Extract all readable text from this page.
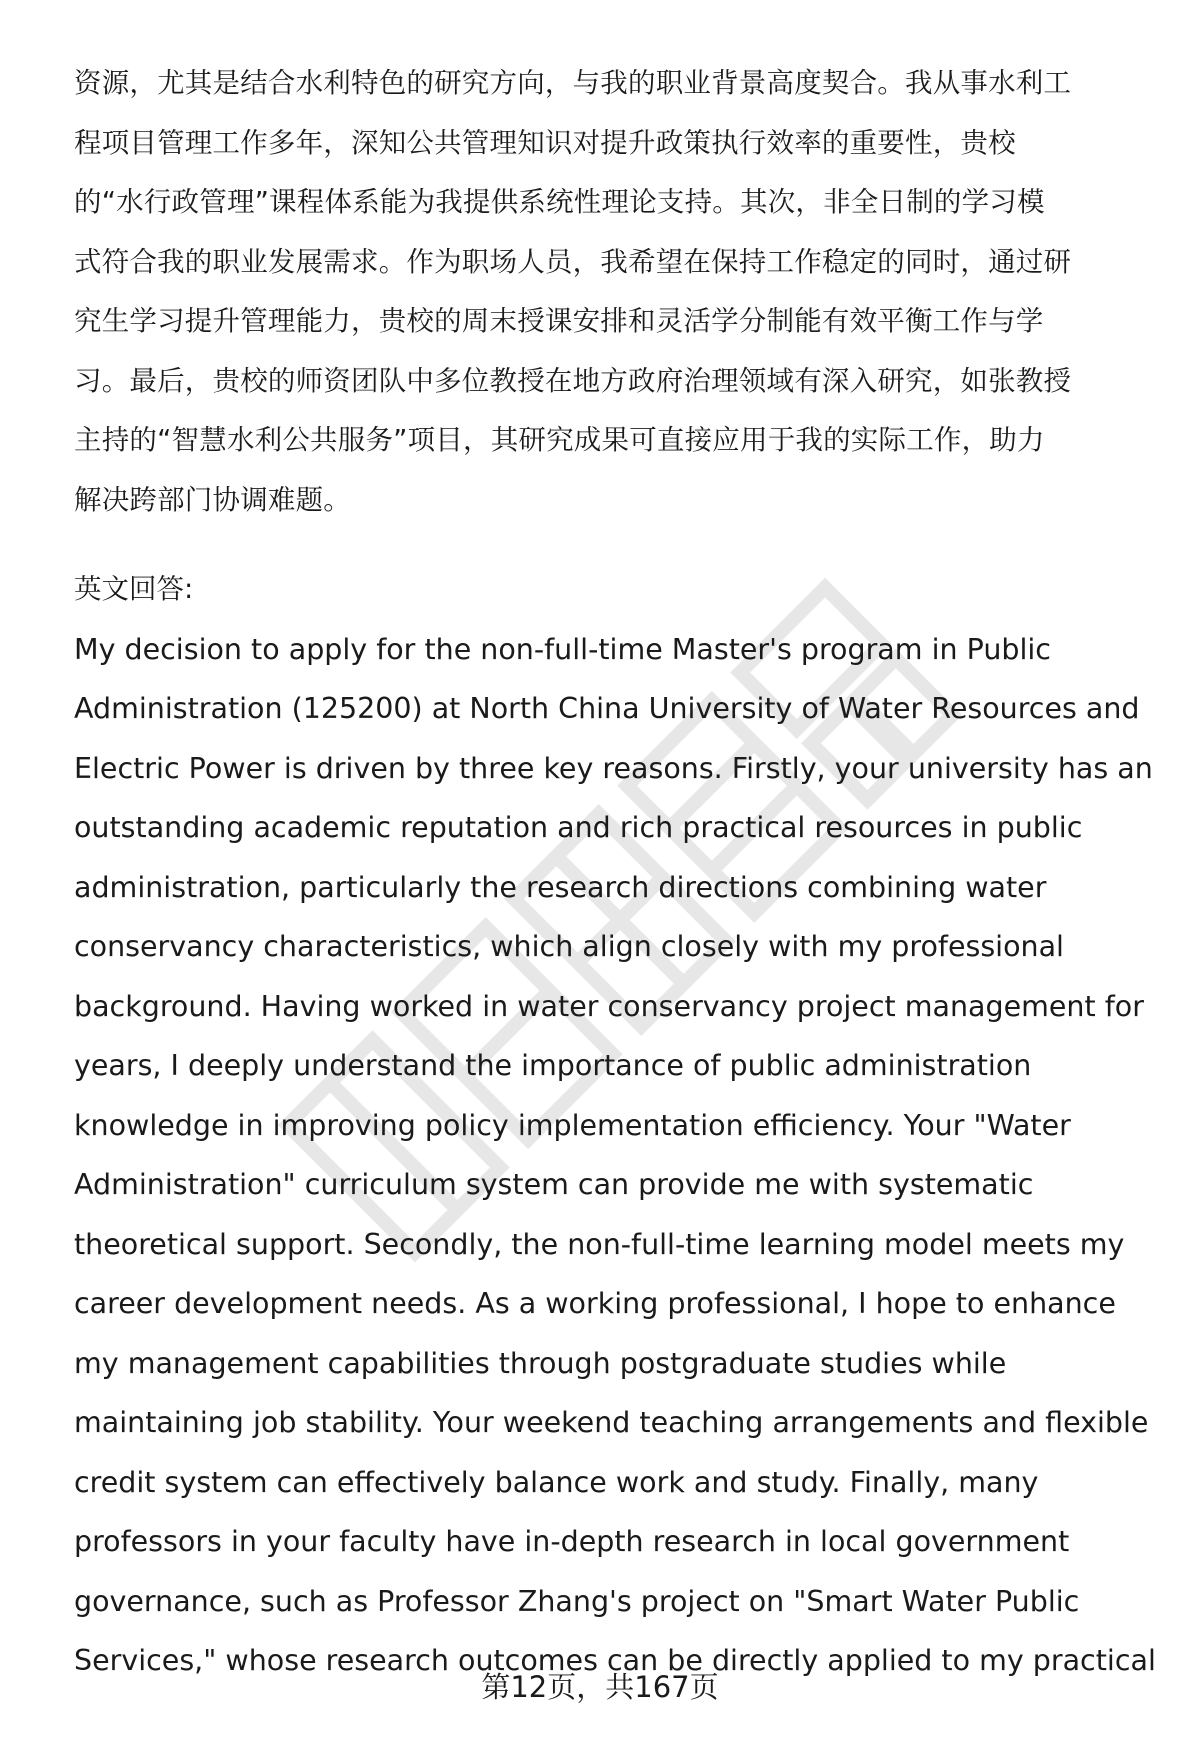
资源，尤其是结合水利特色的研究方向，与我的职业背景高度契合。我从事水利工
程项目管理工作多年，深知公共管理知识对提升政策执行效率的重要性，贵校
的“水行政管理”课程体系能为我提供系统性理论支持。其次，非全日制的学习模
式符合我的职业发展需求。作为职场人员，我希望在保持工作稳定的同时，通过研
究生学习提升管理能力，贵校的周末授课安排和灵活学分制能有效平衡工作与学
习。最后，贵校的师资团队中多位教授在地方政府治理领域有深入研究，如张教授
主持的“智慧水利公共服务”项目，其研究成果可直接应用于我的实际工作，助力
解决跨部门协调难题。
英文回答:
My decision to apply for the non-full-time Master's program in Public
Administration (125200) at North China University of Water Resources and
Electric Power is driven by three key reasons. Firstly, your university has an
outstanding academic reputation and rich practical resources in public
administration, particularly the research directions combining water
conservancy characteristics, which align closely with my professional
background. Having worked in water conservancy project management for
years, I deeply understand the importance of public administration
knowledge in improving policy implementation efficiency. Your "Water
Administration" curriculum system can provide me with systematic
theoretical support. Secondly, the non-full-time learning model meets my
career development needs. As a working professional, I hope to enhance
my management capabilities through postgraduate studies while
maintaining job stability. Your weekend teaching arrangements and flexible
credit system can effectively balance work and study. Finally, many
professors in your faculty have in-depth research in local government
governance, such as Professor Zhang's project on "Smart Water Public
Services," whose research outcomes can be directly applied to my practical
第12页，共167页
